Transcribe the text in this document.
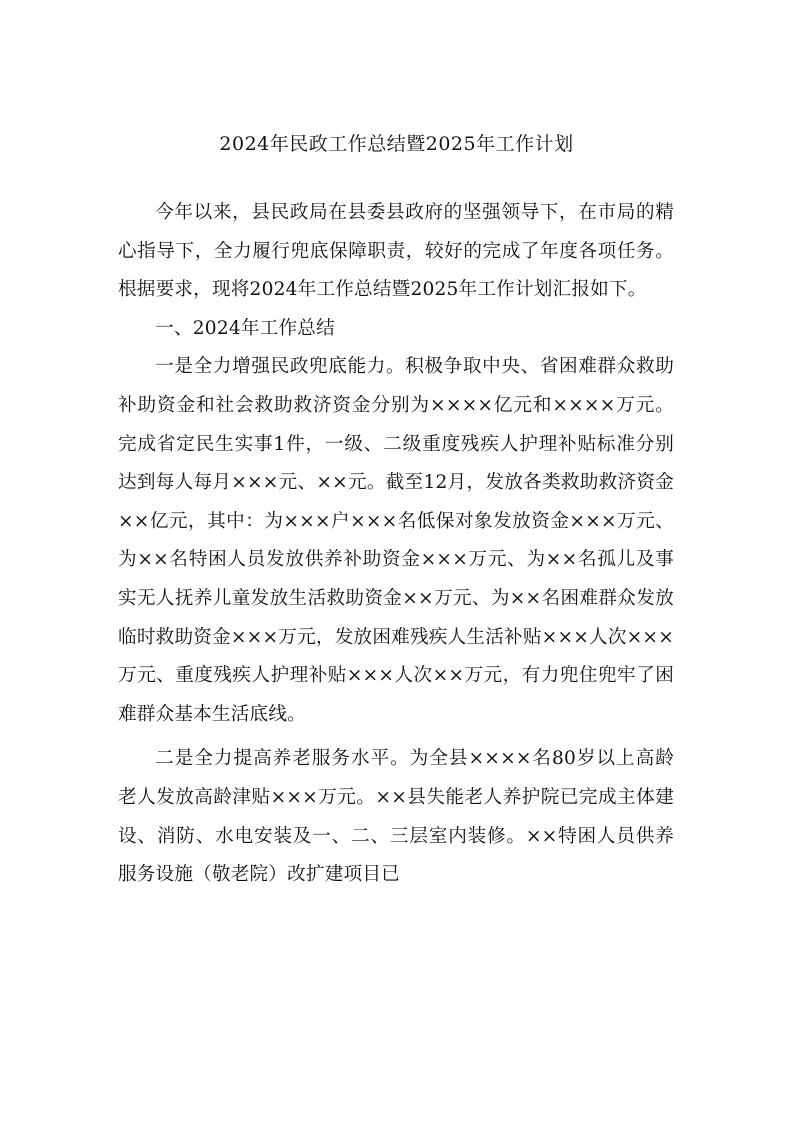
2024年民政工作总结暨2025年工作计划

今年以来，县民政局在县委县政府的坚强领导下，在市局的精心指导下，全力履行兜底保障职责，较好的完成了年度各项任务。根据要求，现将2024年工作总结暨2025年工作计划汇报如下。

一、2024年工作总结

一是全力增强民政兜底能力。积极争取中央、省困难群众救助补助资金和社会救助救济资金分别为××××亿元和××××万元。完成省定民生实事1件，一级、二级重度残疾人护理补贴标准分别达到每人每月×××元、××元。截至12月，发放各类救助救济资金××亿元，其中：为×××户×××名低保对象发放资金×××万元、为××名特困人员发放供养补助资金×××万元、为××名孤儿及事实无人抚养儿童发放生活救助资金××万元、为××名困难群众发放临时救助资金×××万元，发放困难残疾人生活补贴×××人次×××万元、重度残疾人护理补贴×××人次××万元，有力兜住兜牢了困难群众基本生活底线。

二是全力提高养老服务水平。为全县××××名80岁以上高龄老人发放高龄津贴×××万元。××县失能老人养护院已完成主体建设、消防、水电安装及一、二、三层室内装修。××特困人员供养服务设施（敬老院）改扩建项目已
